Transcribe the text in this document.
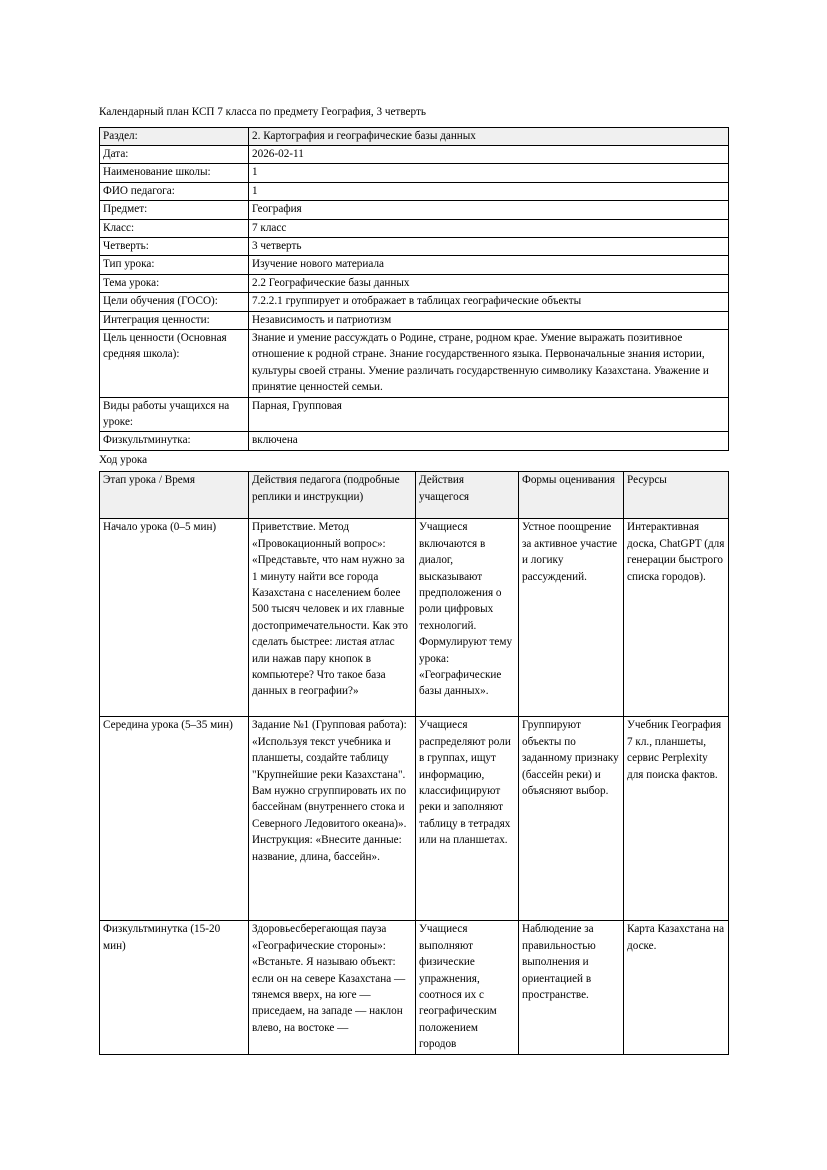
Календарный план КСП 7 класса по предмету География, 3 четверть
Раздел:	2. Картография и географические базы данных
Дата:	2026-02-11
Наименование школы:	1
ФИО педагога:	1
Предмет:	География
Класс:	7 класс
Четверть:	3 четверть
Тип урока:	Изучение нового материала
Тема урока:	2.2 Географические базы данных
Цели обучения (ГОСО):	7.2.2.1 группирует и отображает в таблицах географические объекты
Интеграция ценности:	Независимость и патриотизм
Цель ценности (Основная средняя школа):	Знание и умение рассуждать о Родине, стране, родном крае. Умение выражать позитивное отношение к родной стране. Знание государственного языка. Первоначальные знания истории, культуры своей страны. Умение различать государственную символику Казахстана. Уважение и принятие ценностей семьи.
Виды работы учащихся на уроке:	Парная, Групповая
Физкультминутка:	включена
Ход урока
Этап урока / Время	Действия педагога (подробные реплики и инструкции)	Действия учащегося	Формы оценивания	Ресурсы
Начало урока (0–5 мин)	Приветствие. Метод «Провокационный вопрос»: «Представьте, что нам нужно за 1 минуту найти все города Казахстана с населением более 500 тысяч человек и их главные достопримечательности. Как это сделать быстрее: листая атлас или нажав пару кнопок в компьютере? Что такое база данных в географии?»	Учащиеся включаются в диалог, высказывают предположения о роли цифровых технологий. Формулируют тему урока: «Географические базы данных».	Устное поощрение за активное участие и логику рассуждений.	Интерактивная доска, ChatGPT (для генерации быстрого списка городов).
Середина урока (5–35 мин)	Задание №1 (Групповая работа): «Используя текст учебника и планшеты, создайте таблицу "Крупнейшие реки Казахстана". Вам нужно сгруппировать их по бассейнам (внутреннего стока и Северного Ледовитого океана)». Инструкция: «Внесите данные: название, длина, бассейн».	Учащиеся распределяют роли в группах, ищут информацию, классифицируют реки и заполняют таблицу в тетрадях или на планшетах.	Группируют объекты по заданному признаку (бассейн реки) и объясняют выбор.	Учебник География 7 кл., планшеты, сервис Perplexity для поиска фактов.
Физкультминутка (15-20 мин)	Здоровьесберегающая пауза «Географические стороны»: «Встаньте. Я называю объект: если он на севере Казахстана — тянемся вверх, на юге — приседаем, на западе — наклон влево, на востоке —	Учащиеся выполняют физические упражнения, соотнося их с географическим положением городов	Наблюдение за правильностью выполнения и ориентацией в пространстве.	Карта Казахстана на доске.
